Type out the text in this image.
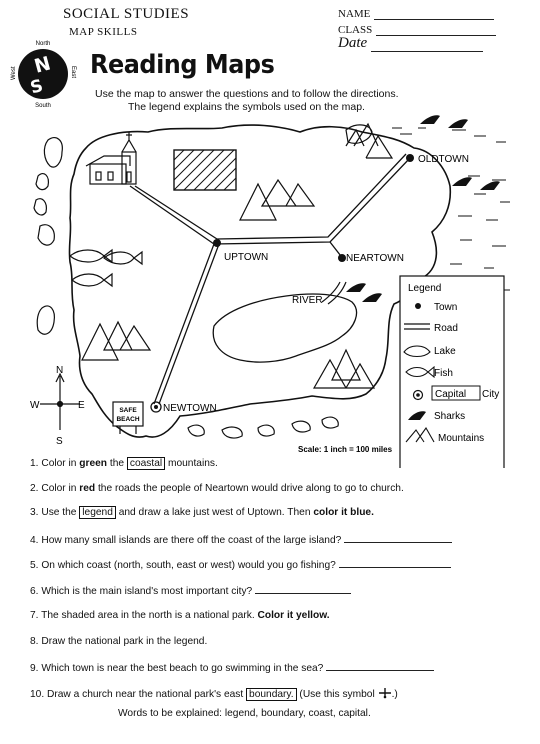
SOCIAL STUDIES
MAP SKILLS
NAME
CLASS
Date
North
N
S
South
West	East Reading Maps
Use the map to answer the questions and to follow the directions.
The legend explains the symbols used on the map.
OLDTOWN
UPTOWN	NEARTOWN
NEWTOWN
RIVER
SAFE
BEACH
N
S
W	E
Scale: 1 inch = 100 miles
Legend
Town
Road
Lake
Fish
Capital City
Sharks
Mountains
1. Color in green the coastal mountains.
2. Color in red the roads the people of Neartown would drive along to go to church.
3. Use the legend and draw a lake just west of Uptown. Then color it blue.
4. How many small islands are there off the coast of the large island?
5. On which coast (north, south, east or west) would you go fishing?
6. Which is the main island's most important city?
7. The shaded area in the north is a national park. Color it yellow.
8. Draw the national park in the legend.
9. Which town is near the best beach to go swimming in the sea?
10. Draw a church near the national park's east boundary. (Use this symbol .)
Words to be explained: legend, boundary, coast, capital.
